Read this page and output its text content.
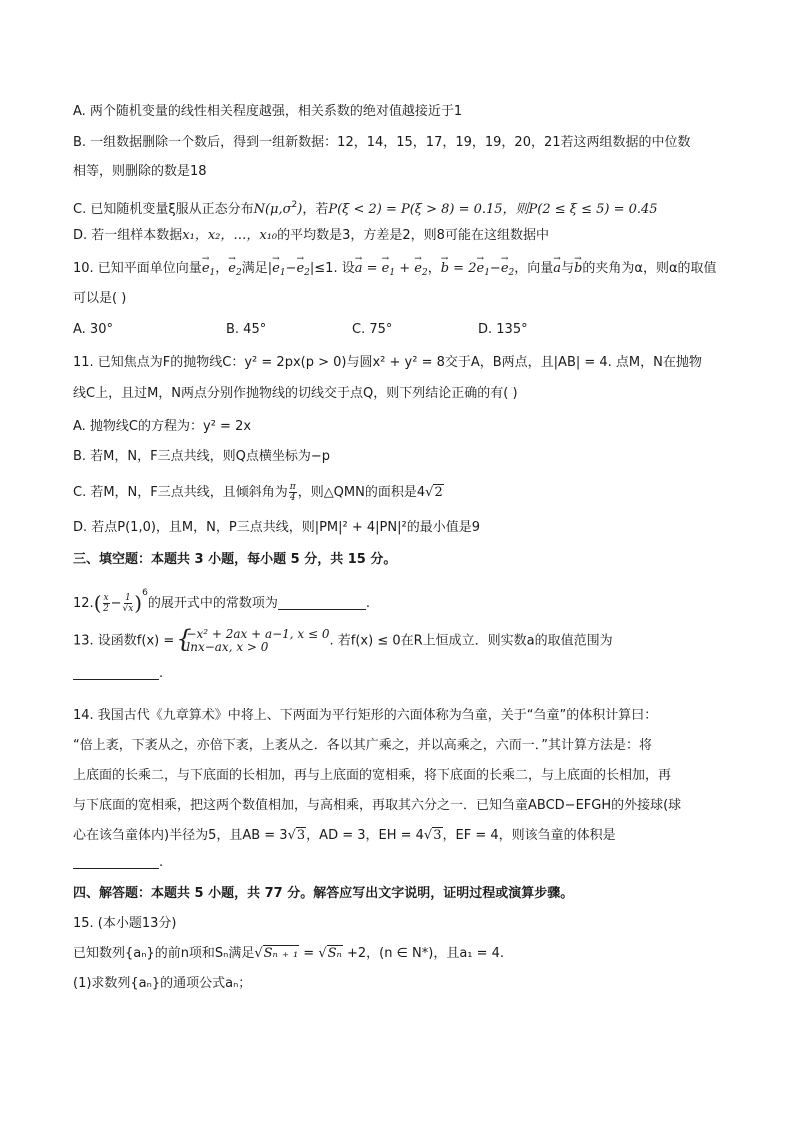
A. 两个随机变量的线性相关程度越强，相关系数的绝对值越接近于1
B. 一组数据删除一个数后，得到一组新数据：12，14，15，17，19，19，20，21若这两组数据的中位数
相等，则删除的数是18
C. 已知随机变量ξ服从正态分布$N(\mu,\sigma^2)$，若P(ξ < 2) = P(ξ > 8) = 0.15，则P(2 ≤ ξ ≤ 5) = 0.45
D. 若一组样本数据x₁，x₂，…，x₁₀的平均数是3，方差是2，则8可能在这组数据中
10. 已知平面单位向量→ $e_1$，→ $e_2$满足|→ $e_1-\to e_2|\le 1$. 设→ a = → $e_1$ + → $e_2$，→ $b = 2\to e_1-\to e_2$，向量→ a与→ b的夹角为α，则α的取值
可以是( )
A. 30°	B. 45°	C. 75°	D. 135°
11. 已知焦点为F的抛物线C：y² = 2px(p > 0)与圆x² + y² = 8交于A，B两点，且|AB| = 4. 点M，N在抛物
线C上，且过M，N两点分别作抛物线的切线交于点Q，则下列结论正确的有( )
A. 抛物线C的方程为：y² = 2x
B. 若M，N，F三点共线，则Q点横坐标为−p
C. 若M，N，F三点共线，且倾斜角为 $\frac{\pi}{4}$ ，则△QMN的面积是4√2
D. 若点P(1,0)，且M，N，P三点共线，则|PM|² + 4|PN|²的最小值是9
三、填空题：本题共 3 小题，每小题 5 分，共 15 分。
$12.( \frac{x}{2} - \frac{1}{√x} )^6$的展开式中的常数项为	.
13. 设函数f(x) = { −x² + 2ax + a−1, x ≤ 0
lnx−ax, x > 0	. 若f(x) ≤ 0在R上恒成立．则实数a的取值范围为
.
14. 我国古代《九章算术》中将上、下两面为平行矩形的六面体称为刍童，关于“刍童”的体积计算曰：
“倍上袤，下袤从之，亦倍下袤，上袤从之．各以其广乘之，并以高乘之，六而一．”其计算方法是：将
上底面的长乘二，与下底面的长相加，再与上底面的宽相乘，将下底面的长乘二，与上底面的长相加，再
与下底面的宽相乘，把这两个数值相加，与高相乘，再取其六分之一．已知刍童ABCD−EFGH的外接球(球
心在该刍童体内)半径为5，且AB = 3√3，AD = 3，EH = 4√3，EF = 4，则该刍童的体积是
.
四、解答题：本题共 5 小题，共 77 分。解答应写出文字说明，证明过程或演算步骤。
15. (本小题13分)
已知数列{aₙ}的前n项和Sₙ满足√Sₙ ₊ ₁ = √Sₙ +2，(n ∈ N*)，且a₁ = 4.
(1)求数列{aₙ}的通项公式aₙ；
